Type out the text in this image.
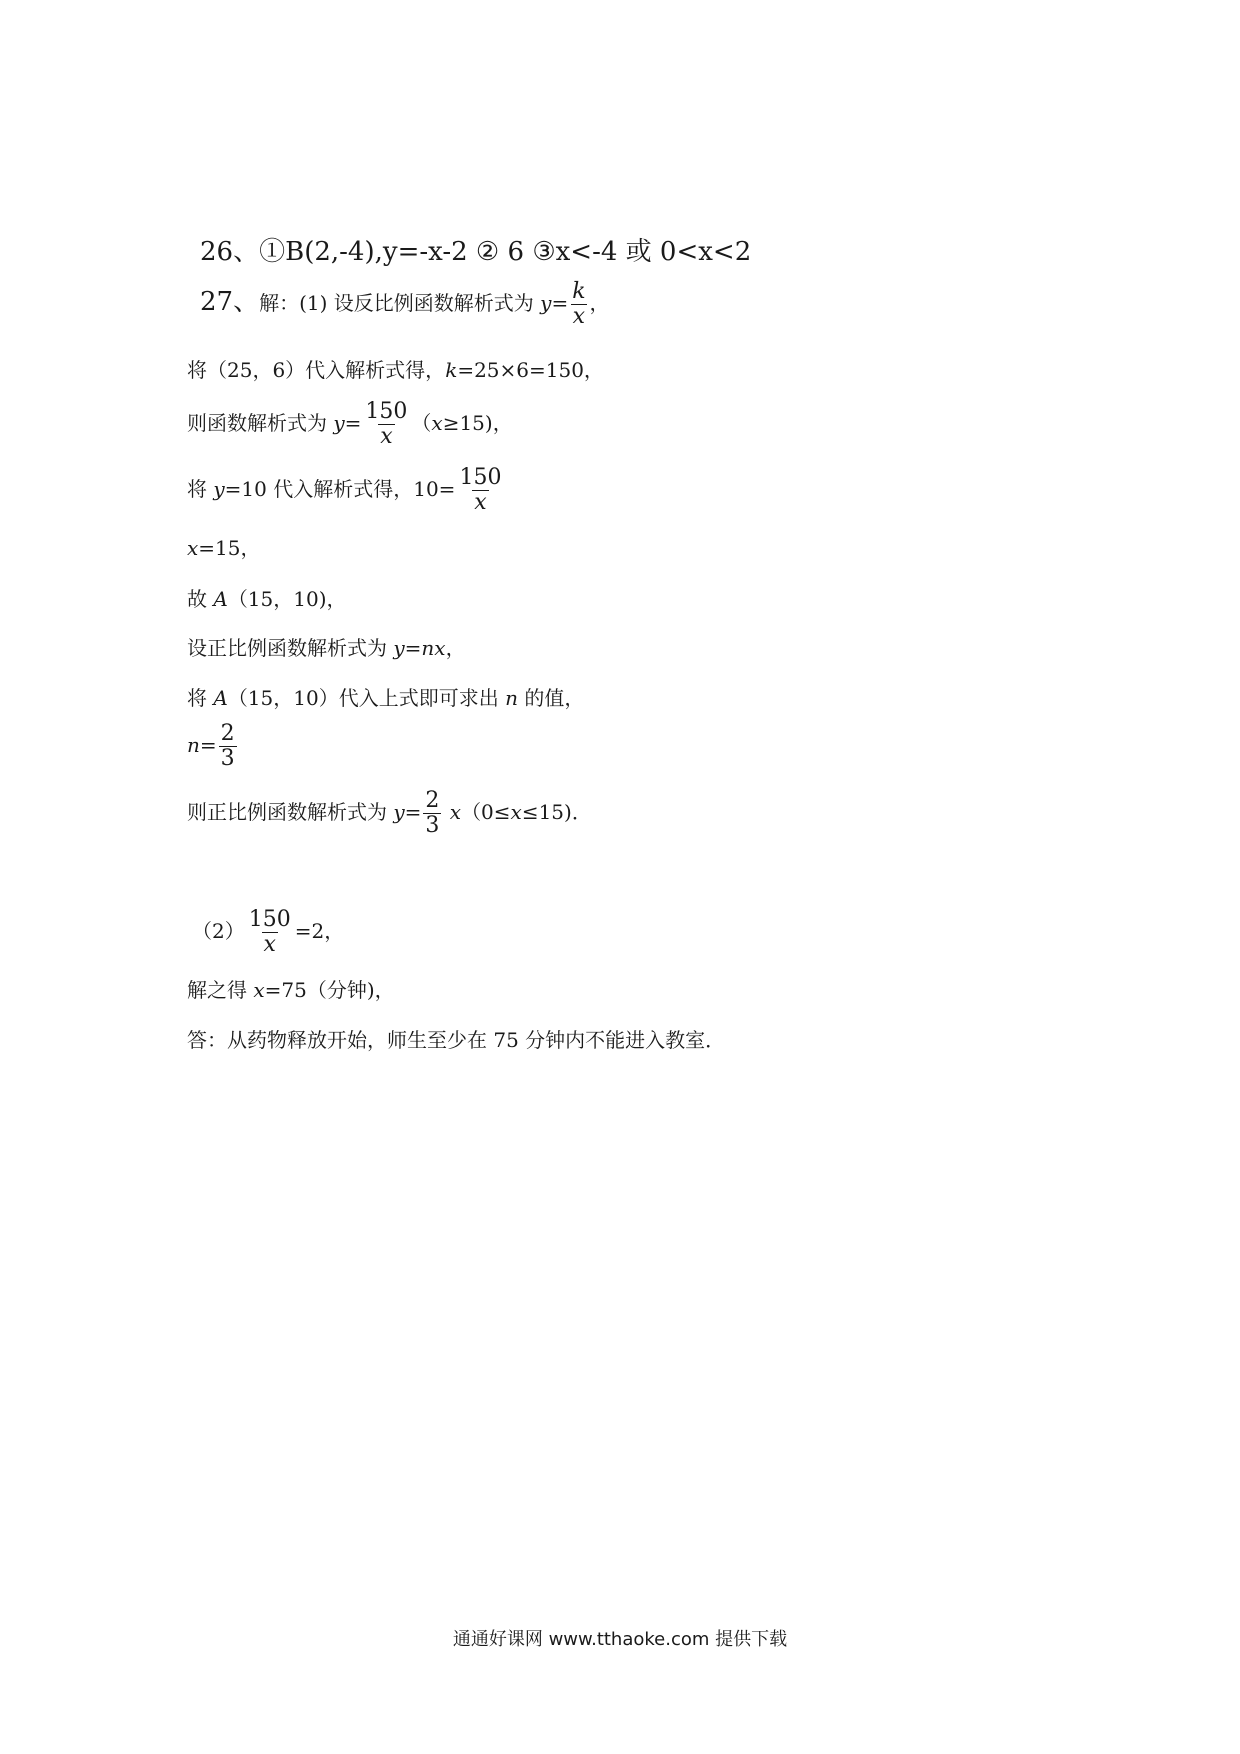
26、①B(2,-4),y=-x-2 ② 6 ③x<-4 或 0<x<2
27、解：(1) 设反比例函数解析式为 $y= \frac{k}{x}$ ，
将（25，6）代入解析式得，k=25×6=150，
则函数解析式为 $y= \frac{150}{x} (x\ge 15)$，
将 y=10 代入解析式得，$10= \frac{150}{x}$
x=15，
故 A（15，10)，
设正比例函数解析式为 y=nx，
将 A（15，10）代入上式即可求出 n 的值，
$n= \frac{2}{3}$
则正比例函数解析式为 $y= \frac{2}{3} x(0\le x\le 15)$．
$(2) \frac{150}{x} =2$，
解之得 x=75（分钟)，
答：从药物释放开始，师生至少在 75 分钟内不能进入教室．
通通好课网 www.tthaoke.com 提供下载
